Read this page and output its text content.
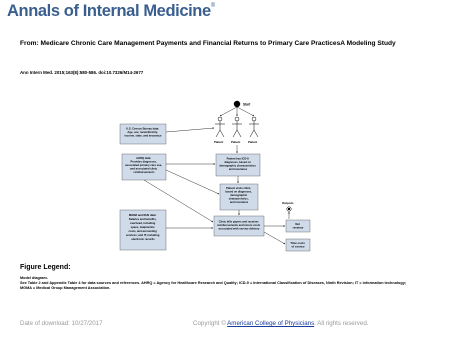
Annals of Internal Medicine®
From: Medicare Chronic Care Management Payments and Financial Returns to Primary Care PracticesA Modeling Study
Ann Intern Med. 2015;163(8):580-586. doi:10.7326/M14-2677
Start
Patient	Patient	Patient
U.S. Census Bureau data: Age, sex, race/ethnicity, income, state, and insurance
AHRQ data: Provides diagnoses, associated primary care use, and associated clinic reimbursements
Patient has ICD-9 diagnoses, based on demographic characteristics and insurance
Patient visits clinic, based on diagnoses, demographic characteristics, and insurance
MGMA and RHS data: Salaries and benefits, overhead, including space, malpractice costs, and accounting services; and IT, including electronic records
Clinic bills payers and receives reimbursements and incurs costs associated with service delivery
Outputs
Net revenue
Time costs of service
Figure Legend:
Model diagram.
See Table 2 and Appendix Table 4 for data sources and references. AHRQ = Agency for Healthcare Research and Quality; ICD-9 = International Classification of Diseases, Ninth Revision; IT = information technology;
MGMA = Medical Group Management Association.
Date of download: 10/27/2017	Copyright © American College of Physicians. All rights reserved.
